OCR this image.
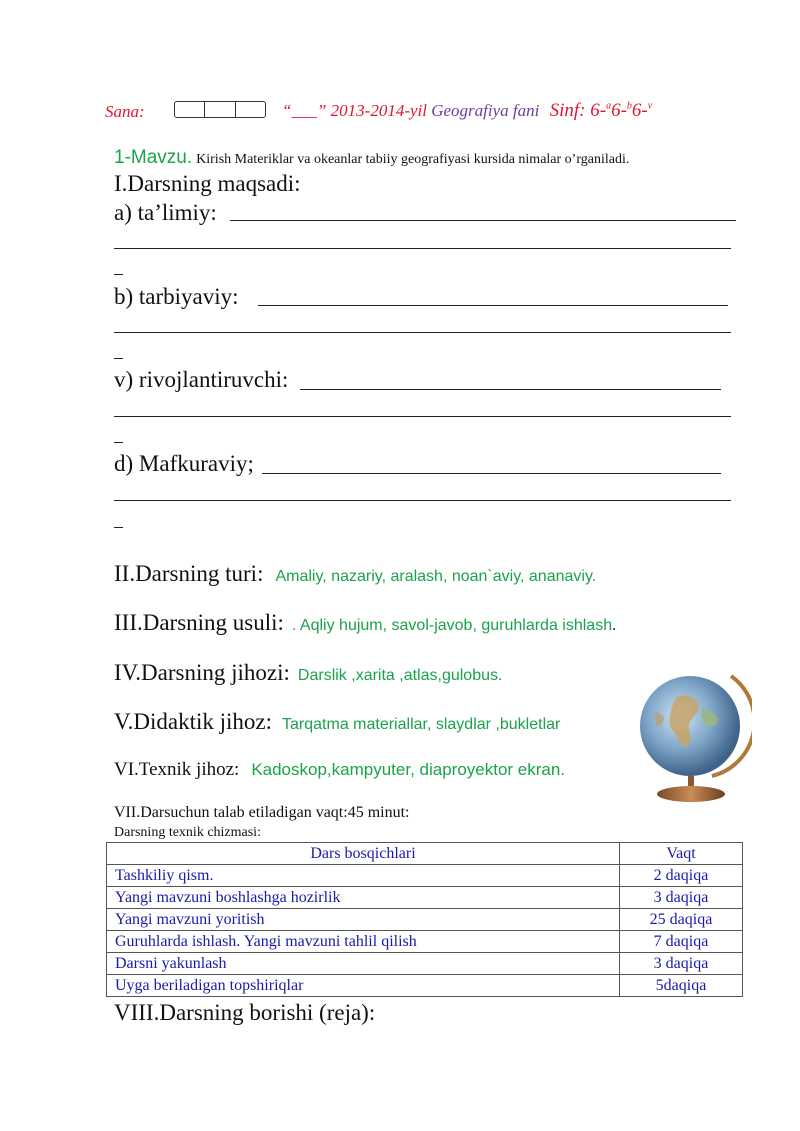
Sana:	“___” 2013-2014-yil Geografiya fani Sinf: 6-$^a$6-$^b$6-$^v$
1-Mavzu. Kirish Materiklar va okeanlar tabiiy geografiyasi kursida nimalar o’rganiladi.
I.Darsning maqsadi:
a) ta’limiy:
b) tarbiyaviy:
v) rivojlantiruvchi:
d) Mafkuraviy;
II.Darsning turi: Amaliy, nazariy, aralash, noan`aviy, ananaviy.
III.Darsning usuli: . Aqliy hujum, savol-javob, guruhlarda ishlash.
IV.Darsning jihozi: Darslik ,xarita ,atlas,gulobus.
V.Didaktik jihoz: Tarqatma materiallar, slaydlar ,bukletlar
VI.Texnik jihoz: Kadoskop,kampyuter, diaproyektor ekran.
VII.Darsuchun talab etiladigan vaqt:45 minut:
Darsning texnik chizmasi:
Dars bosqichlari	Vaqt
Tashkiliy qism.	2 daqiqa
Yangi mavzuni boshlashga hozirlik	3 daqiqa
Yangi mavzuni yoritish	25 daqiqa
Guruhlarda ishlash. Yangi mavzuni tahlil qilish	7 daqiqa
Darsni yakunlash	3 daqiqa
Uyga beriladigan topshiriqlar	5daqiqa
VIII.Darsning borishi (reja):
